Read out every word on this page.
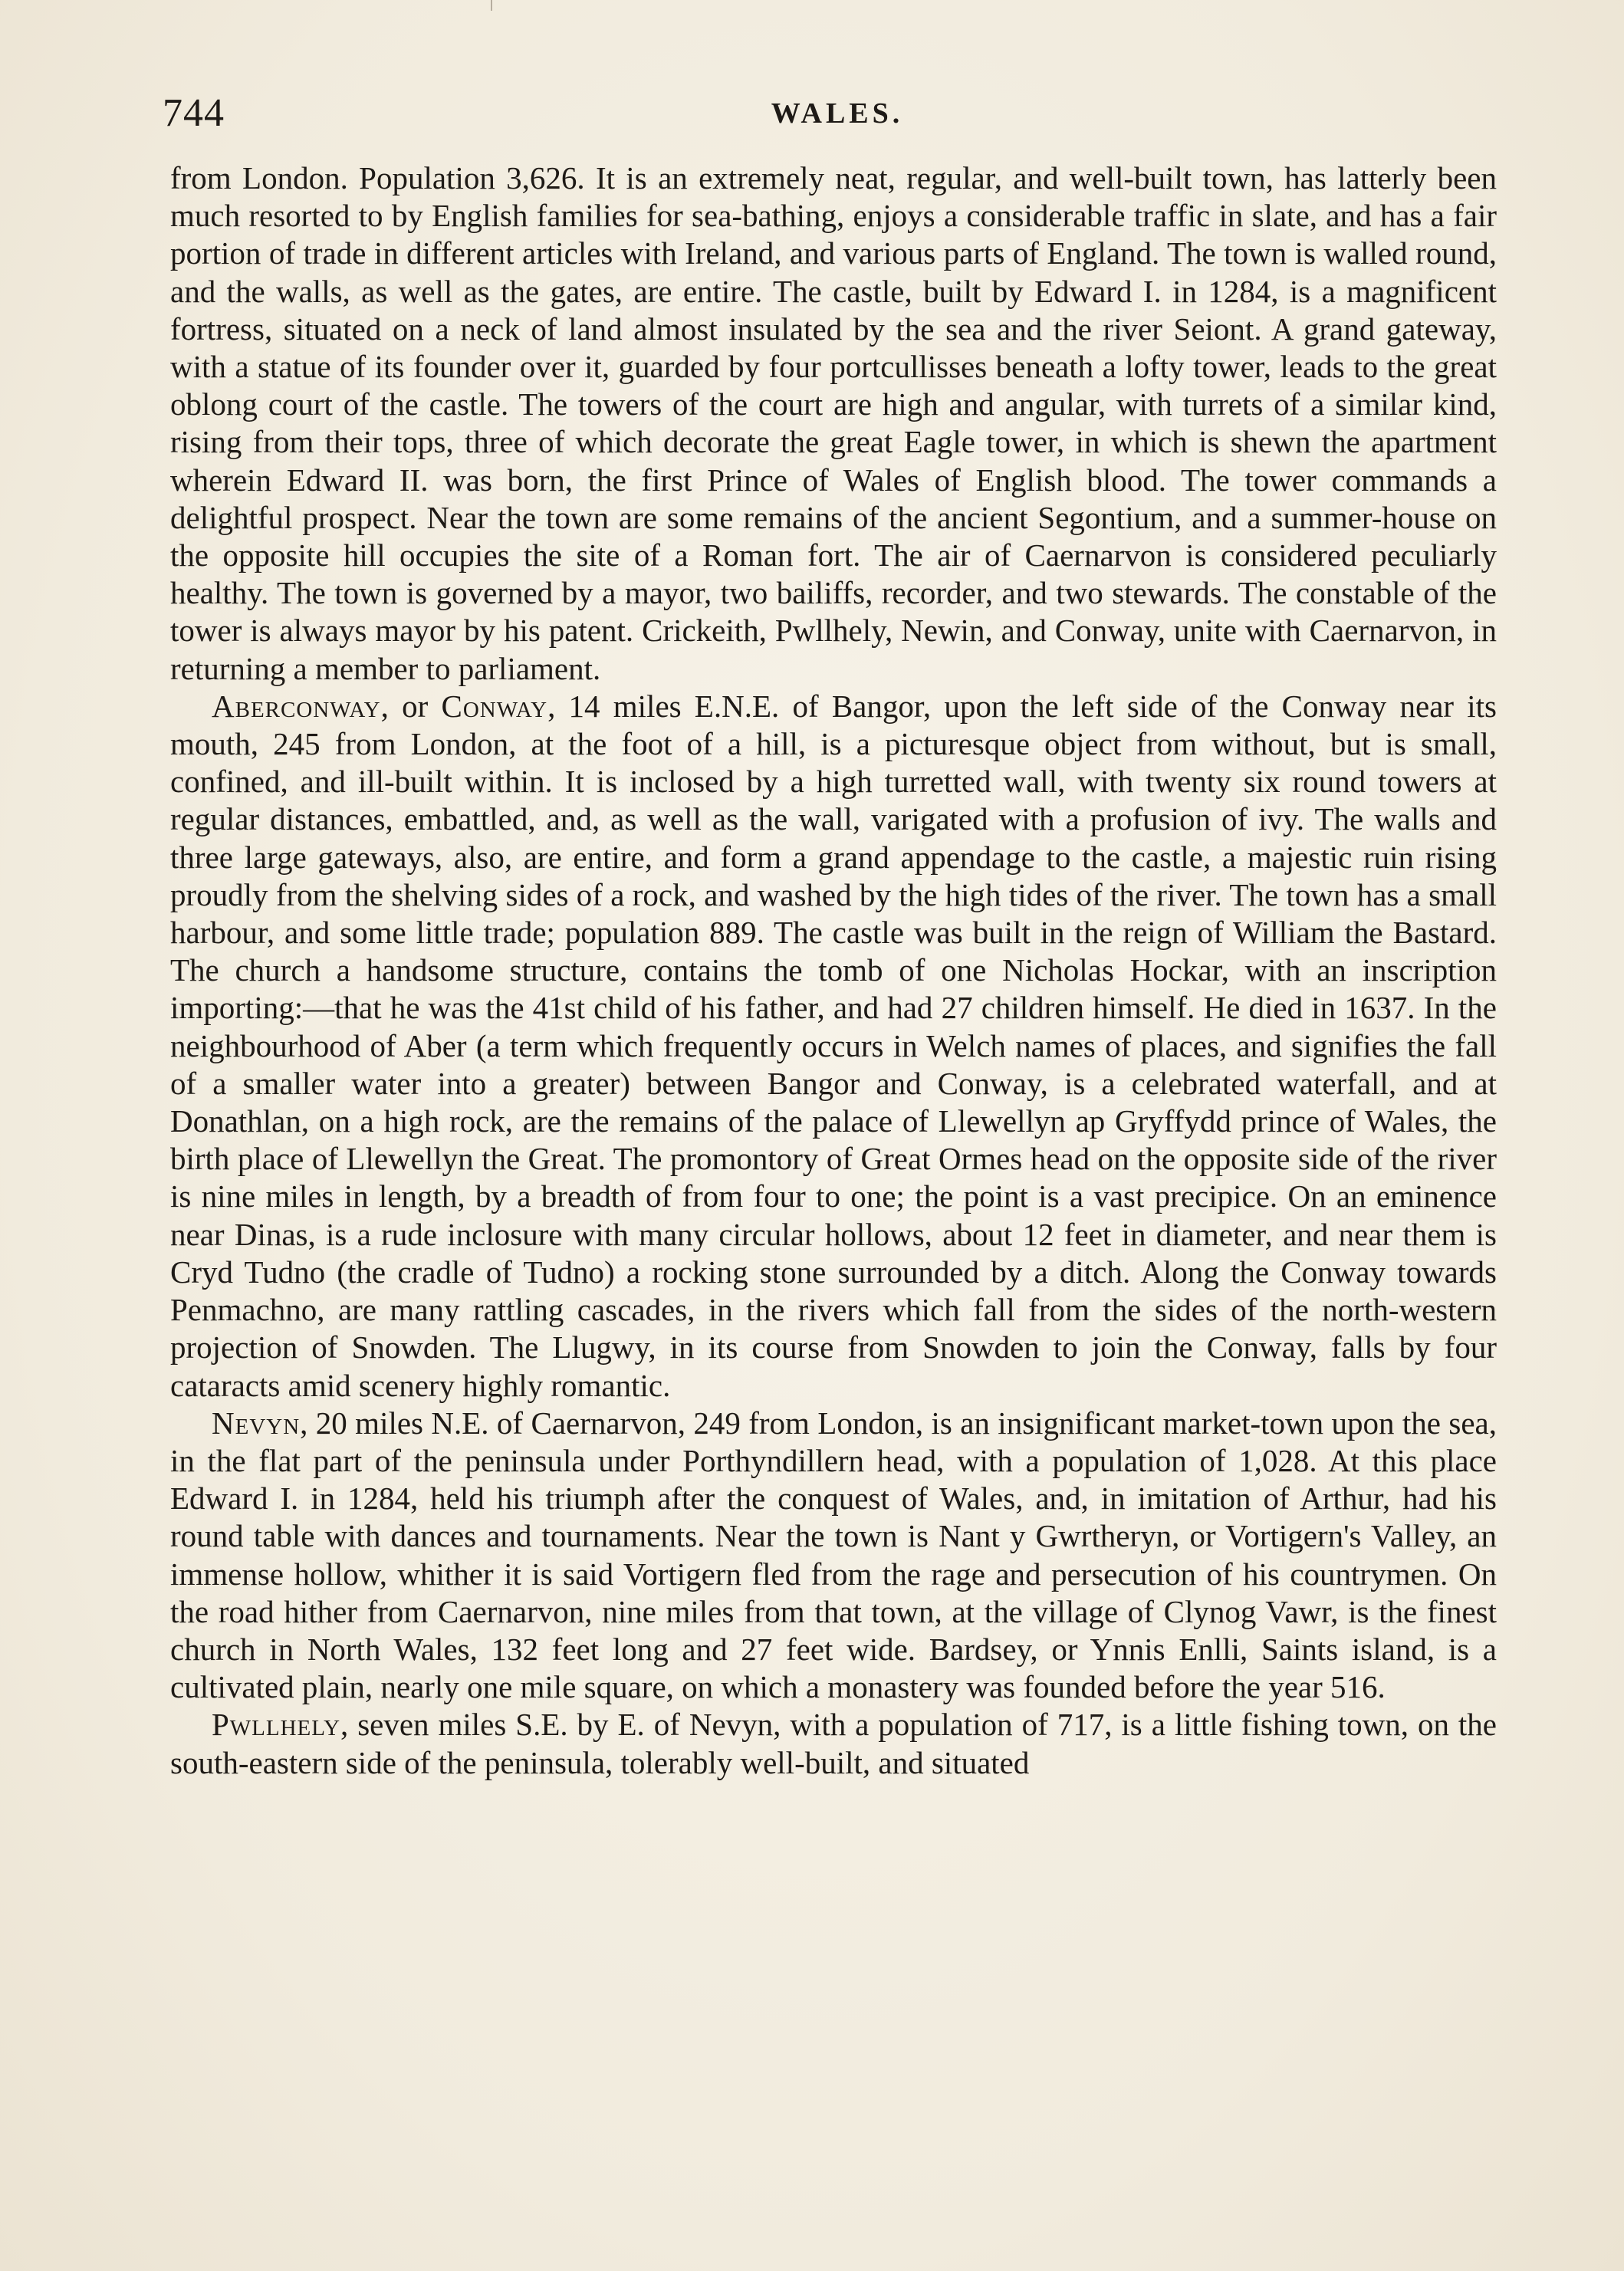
744	WALES.

from London. Population 3,626. It is an extremely neat, regular, and well-built town, has latterly been much resorted to by English families for sea-bathing, enjoys a considerable traffic in slate, and has a fair portion of trade in different articles with Ireland, and various parts of England. The town is walled round, and the walls, as well as the gates, are entire. The castle, built by Edward I. in 1284, is a magnificent fortress, situated on a neck of land almost insulated by the sea and the river Seiont. A grand gateway, with a statue of its founder over it, guarded by four portcullisses beneath a lofty tower, leads to the great oblong court of the castle. The towers of the court are high and angular, with turrets of a similar kind, rising from their tops, three of which decorate the great Eagle tower, in which is shewn the apartment wherein Edward II. was born, the first Prince of Wales of English blood. The tower commands a delightful prospect. Near the town are some remains of the ancient Segontium, and a summer-house on the opposite hill occupies the site of a Roman fort. The air of Caernarvon is considered peculiarly healthy. The town is governed by a mayor, two bailiffs, recorder, and two stewards. The constable of the tower is always mayor by his patent. Crickeith, Pwllhely, Newin, and Conway, unite with Caernarvon, in returning a member to parliament.

Aberconway, or Conway, 14 miles E.N.E. of Bangor, upon the left side of the Conway near its mouth, 245 from London, at the foot of a hill, is a picturesque object from without, but is small, confined, and ill-built within. It is inclosed by a high turretted wall, with twenty six round towers at regular distances, embattled, and, as well as the wall, varigated with a profusion of ivy. The walls and three large gateways, also, are entire, and form a grand appendage to the castle, a majestic ruin rising proudly from the shelving sides of a rock, and washed by the high tides of the river. The town has a small harbour, and some little trade; population 889. The castle was built in the reign of William the Bastard. The church a handsome structure, contains the tomb of one Nicholas Hockar, with an inscription importing:—that he was the 41st child of his father, and had 27 children himself. He died in 1637. In the neighbourhood of Aber (a term which frequently occurs in Welch names of places, and signifies the fall of a smaller water into a greater) between Bangor and Conway, is a celebrated waterfall, and at Donathlan, on a high rock, are the remains of the palace of Llewellyn ap Gryffydd prince of Wales, the birth place of Llewellyn the Great. The promontory of Great Ormes head on the opposite side of the river is nine miles in length, by a breadth of from four to one; the point is a vast precipice. On an eminence near Dinas, is a rude inclosure with many circular hollows, about 12 feet in diameter, and near them is Cryd Tudno (the cradle of Tudno) a rocking stone surrounded by a ditch. Along the Conway towards Penmachno, are many rattling cascades, in the rivers which fall from the sides of the north-western projection of Snowden. The Llugwy, in its course from Snowden to join the Conway, falls by four cataracts amid scenery highly romantic.

Nevyn, 20 miles N.E. of Caernarvon, 249 from London, is an insignificant market-town upon the sea, in the flat part of the peninsula under Porthyndillern head, with a population of 1,028. At this place Edward I. in 1284, held his triumph after the conquest of Wales, and, in imitation of Arthur, had his round table with dances and tournaments. Near the town is Nant y Gwrtheryn, or Vortigern's Valley, an immense hollow, whither it is said Vortigern fled from the rage and persecution of his countrymen. On the road hither from Caernarvon, nine miles from that town, at the village of Clynog Vawr, is the finest church in North Wales, 132 feet long and 27 feet wide. Bardsey, or Ynnis Enlli, Saints island, is a cultivated plain, nearly one mile square, on which a monastery was founded before the year 516.

Pwllhely, seven miles S.E. by E. of Nevyn, with a population of 717, is a little fishing town, on the south-eastern side of the peninsula, tolerably well-built, and situated
